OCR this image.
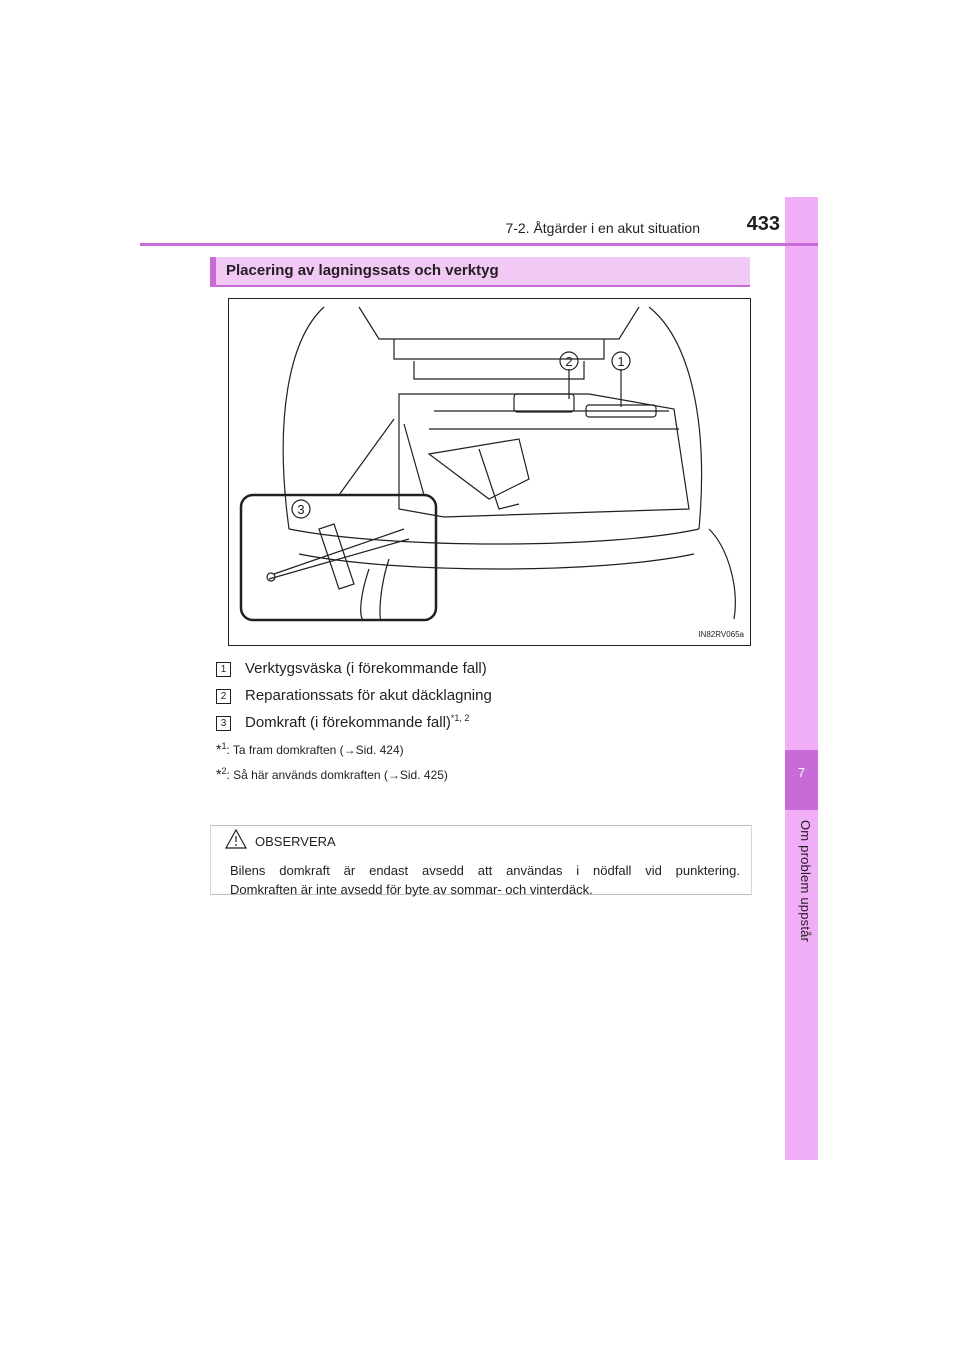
7
Om problem uppstår
7-2. Åtgärder i en akut situation	433
Placering av lagningssats och verktyg
2	1
3
IN82RV065a
1 Verktygsväska (i förekommande fall)
2 Reparationssats för akut däcklagning
3 Domkraft (i förekommande fall)$^{*1, 2}$
*$^1$: Ta fram domkraften (→Sid. 424)
*$^2$: Så här används domkraften (→Sid. 425)
OBSERVERA
Bilens domkraft är endast avsedd att användas i nödfall vid punktering.
Domkraften är inte avsedd för byte av sommar- och vinterdäck.
